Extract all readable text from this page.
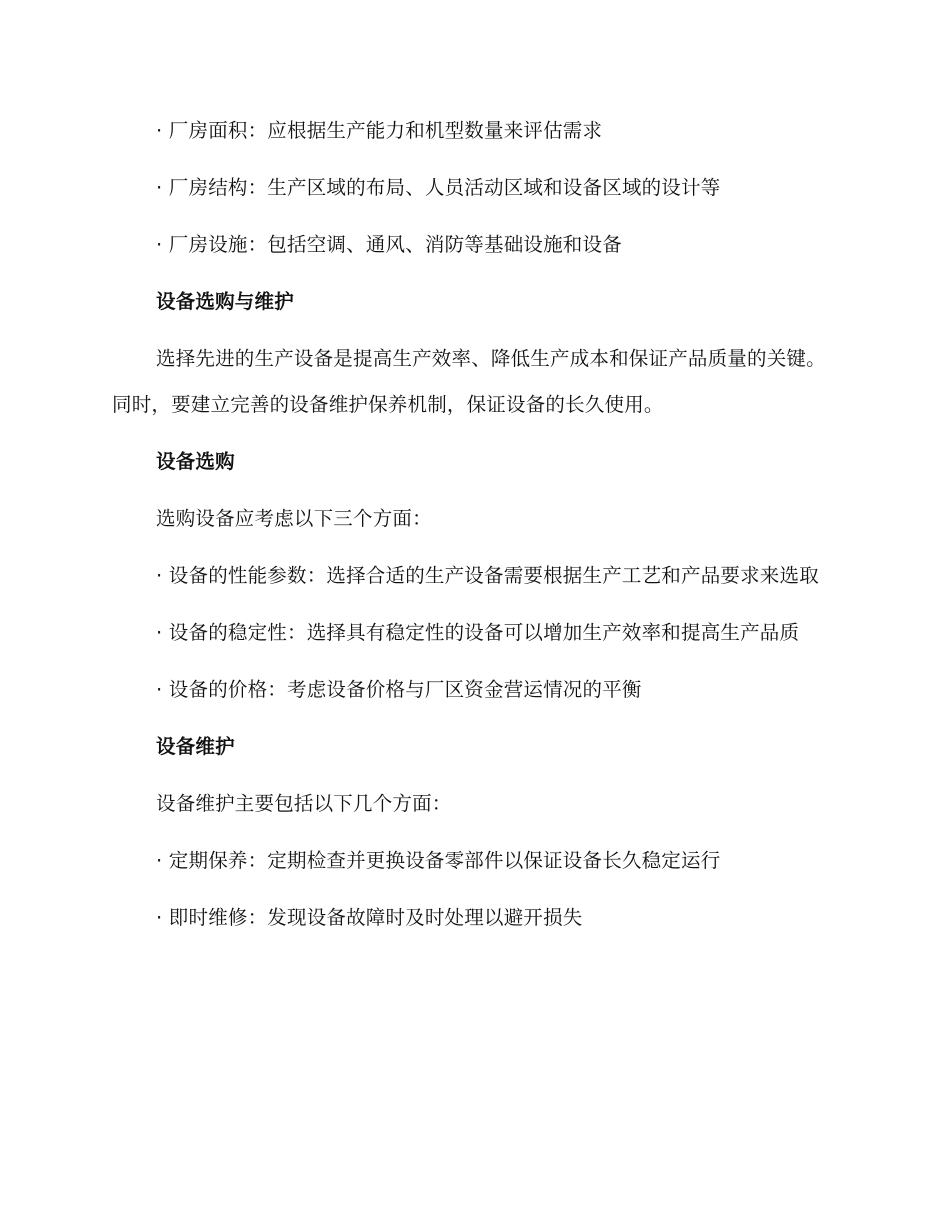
· 厂房面积：应根据生产能力和机型数量来评估需求

· 厂房结构：生产区域的布局、人员活动区域和设备区域的设计等

· 厂房设施：包括空调、通风、消防等基础设施和设备

设备选购与维护

选择先进的生产设备是提高生产效率、降低生产成本和保证产品质量的关键。同时，要建立完善的设备维护保养机制，保证设备的长久使用。

设备选购

选购设备应考虑以下三个方面：

· 设备的性能参数：选择合适的生产设备需要根据生产工艺和产品要求来选取

· 设备的稳定性：选择具有稳定性的设备可以增加生产效率和提高生产品质

· 设备的价格：考虑设备价格与厂区资金营运情况的平衡

设备维护

设备维护主要包括以下几个方面：

· 定期保养：定期检查并更换设备零部件以保证设备长久稳定运行

· 即时维修：发现设备故障时及时处理以避开损失
